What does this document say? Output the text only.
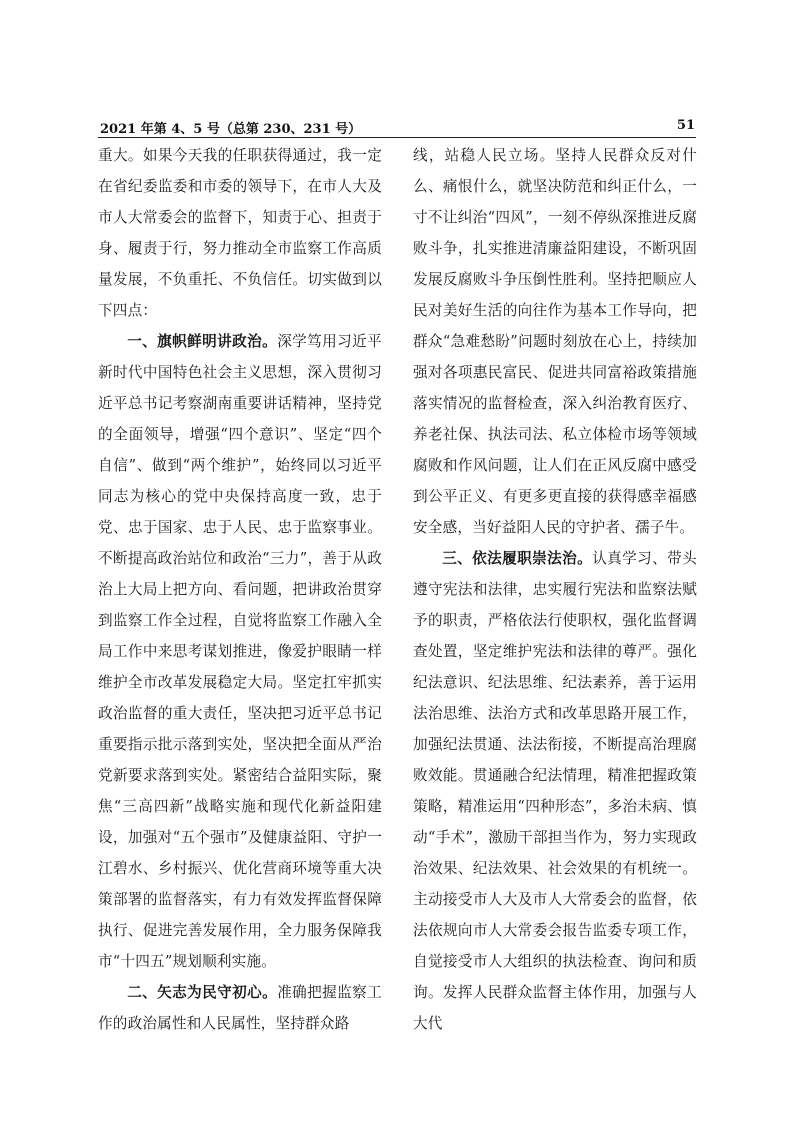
2021 年第 4、5 号（总第 230、231 号）	51

重大。如果今天我的任职获得通过，我一定在省纪委监委和市委的领导下，在市人大及市人大常委会的监督下，知责于心、担责于身、履责于行，努力推动全市监察工作高质量发展，不负重托、不负信任。切实做到以下四点：

一、旗帜鲜明讲政治。深学笃用习近平新时代中国特色社会主义思想，深入贯彻习近平总书记考察湖南重要讲话精神，坚持党的全面领导，增强“四个意识”、坚定“四个自信”、做到“两个维护”，始终同以习近平同志为核心的党中央保持高度一致，忠于党、忠于国家、忠于人民、忠于监察事业。不断提高政治站位和政治“三力”，善于从政治上大局上把方向、看问题，把讲政治贯穿到监察工作全过程，自觉将监察工作融入全局工作中来思考谋划推进，像爱护眼睛一样维护全市改革发展稳定大局。坚定扛牢抓实政治监督的重大责任，坚决把习近平总书记重要指示批示落到实处，坚决把全面从严治党新要求落到实处。紧密结合益阳实际，聚焦“三高四新”战略实施和现代化新益阳建设，加强对“五个强市”及健康益阳、守护一江碧水、乡村振兴、优化营商环境等重大决策部署的监督落实，有力有效发挥监督保障执行、促进完善发展作用，全力服务保障我市“十四五”规划顺利实施。

二、矢志为民守初心。准确把握监察工作的政治属性和人民属性，坚持群众路

线，站稳人民立场。坚持人民群众反对什么、痛恨什么，就坚决防范和纠正什么，一寸不让纠治“四风”，一刻不停纵深推进反腐败斗争，扎实推进清廉益阳建设，不断巩固发展反腐败斗争压倒性胜利。坚持把顺应人民对美好生活的向往作为基本工作导向，把群众“急难愁盼”问题时刻放在心上，持续加强对各项惠民富民、促进共同富裕政策措施落实情况的监督检查，深入纠治教育医疗、养老社保、执法司法、私立体检市场等领域腐败和作风问题，让人们在正风反腐中感受到公平正义、有更多更直接的获得感幸福感安全感，当好益阳人民的守护者、孺子牛。

三、依法履职崇法治。认真学习、带头遵守宪法和法律，忠实履行宪法和监察法赋予的职责，严格依法行使职权，强化监督调查处置，坚定维护宪法和法律的尊严。强化纪法意识、纪法思维、纪法素养，善于运用法治思维、法治方式和改革思路开展工作，加强纪法贯通、法法衔接，不断提高治理腐败效能。贯通融合纪法情理，精准把握政策策略，精准运用“四种形态”，多治未病、慎动“手术”，激励干部担当作为，努力实现政治效果、纪法效果、社会效果的有机统一。主动接受市人大及市人大常委会的监督，依法依规向市人大常委会报告监委专项工作，自觉接受市人大组织的执法检查、询问和质询。发挥人民群众监督主体作用，加强与人大代
